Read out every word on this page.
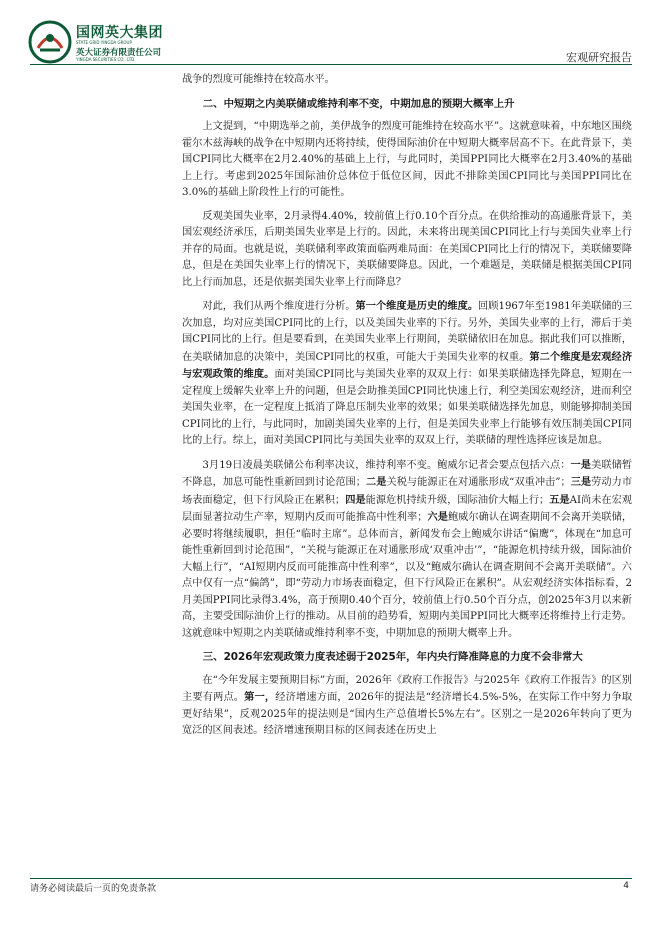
国网英大集团
STATE GRID YINGDA GROUP
英大证券有限责任公司
YINGDA SECURITIES CO., LTD.	宏观研究报告

战争的烈度可能维持在较高水平。

二、中短期之内美联储或维持利率不变，中期加息的预期大概率上升

上文提到，“中期选举之前，美伊战争的烈度可能维持在较高水平”。这就意味着，中东地区围绕霍尔木兹海峡的战争在中短期内还将持续，使得国际油价在中短期大概率居高不下。在此背景下，美国CPI同比大概率在2月2.40%的基础上上行，与此同时，美国PPI同比大概率在2月3.40%的基础上上行。考虑到2025年国际油价总体位于低位区间，因此不排除美国CPI同比与美国PPI同比在3.0%的基础上阶段性上行的可能性。

反观美国失业率，2月录得4.40%，较前值上行0.10个百分点。在供给推动的高通胀背景下，美国宏观经济承压，后期美国失业率是上行的。因此，未来将出现美国CPI同比上行与美国失业率上行并存的局面。也就是说，美联储利率政策面临两难局面：在美国CPI同比上行的情况下，美联储要降息，但是在美国失业率上行的情况下，美联储要降息。因此，一个难题是，美联储是根据美国CPI同比上行而加息，还是依据美国失业率上行而降息？

对此，我们从两个维度进行分析。第一个维度是历史的维度。回顾1967年至1981年美联储的三次加息，均对应美国CPI同比的上行，以及美国失业率的下行。另外，美国失业率的上行，滞后于美国CPI同比的上行。但是要看到，在美国失业率上行期间，美联储依旧在加息。据此我们可以推断，在美联储加息的决策中，美国CPI同比的权重，可能大于美国失业率的权重。第二个维度是宏观经济与宏观政策的维度。面对美国CPI同比与美国失业率的双双上行：如果美联储选择先降息，短期在一定程度上缓解失业率上升的问题，但是会助推美国CPI同比快速上行，利空美国宏观经济，进而利空美国失业率，在一定程度上抵消了降息压制失业率的效果；如果美联储选择先加息，则能够抑制美国CPI同比的上行，与此同时，加剧美国失业率的上行，但是美国失业率上行能够有效压制美国CPI同比的上行。综上，面对美国CPI同比与美国失业率的双双上行，美联储的理性选择应该是加息。

3月19日凌晨美联储公布利率决议，维持利率不变。鲍威尔记者会要点包括六点：一是美联储暂不降息，加息可能性重新回到讨论范围；二是关税与能源正在对通胀形成“双重冲击”；三是劳动力市场表面稳定，但下行风险正在累积；四是能源危机持续升级，国际油价大幅上行；五是AI尚未在宏观层面显著拉动生产率，短期内反而可能推高中性利率；六是鲍威尔确认在调查期间不会离开美联储，必要时将继续履职，担任“临时主席”。总体而言，新闻发布会上鲍威尔讲话“偏鹰”，体现在“加息可能性重新回到讨论范围”，“关税与能源正在对通胀形成‘双重冲击’”，“能源危机持续升级，国际油价大幅上行”，“AI短期内反而可能推高中性利率”，以及“鲍威尔确认在调查期间不会离开美联储”。六点中仅有一点“偏鸽”，即“劳动力市场表面稳定，但下行风险正在累积”。从宏观经济实体指标看，2月美国PPI同比录得3.4%，高于预期0.40个百分，较前值上行0.50个百分点，创2025年3月以来新高，主要受国际油价上行的推动。从目前的趋势看，短期内美国PPI同比大概率还将维持上行走势。这就意味中短期之内美联储或维持利率不变，中期加息的预期大概率上升。

三、2026年宏观政策力度表述弱于2025年，年内央行降准降息的力度不会非常大

在“今年发展主要预期目标”方面，2026年《政府工作报告》与2025年《政府工作报告》的区别主要有两点。第一，经济增速方面，2026年的提法是“经济增长4.5%-5%，在实际工作中努力争取更好结果”，反观2025年的提法则是“国内生产总值增长5%左右”。区别之一是2026年转向了更为宽泛的区间表述。经济增速预期目标的区间表述在历史上

请务必阅读最后一页的免责条款	4
